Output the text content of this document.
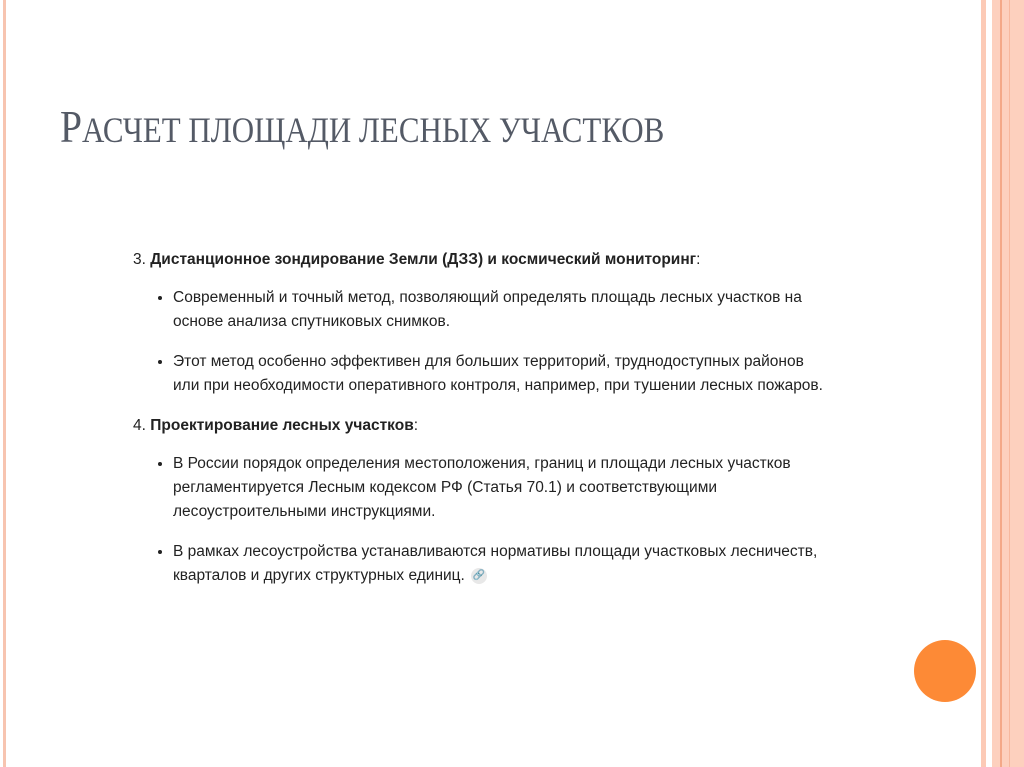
РАСЧЕТ ПЛОЩАДИ ЛЕСНЫХ УЧАСТКОВ

3. Дистанционное зондирование Земли (ДЗЗ) и космический мониторинг:

• Современный и точный метод, позволяющий определять площадь лесных участков на основе анализа спутниковых снимков.
• Этот метод особенно эффективен для больших территорий, труднодоступных районов или при необходимости оперативного контроля, например, при тушении лесных пожаров.

4. Проектирование лесных участков:

• В России порядок определения местоположения, границ и площади лесных участков регламентируется Лесным кодексом РФ (Статья 70.1) и соответствующими лесоустроительными инструкциями.
• В рамках лесоустройства устанавливаются нормативы площади участковых лесничеств, кварталов и других структурных единиц. 🔗
